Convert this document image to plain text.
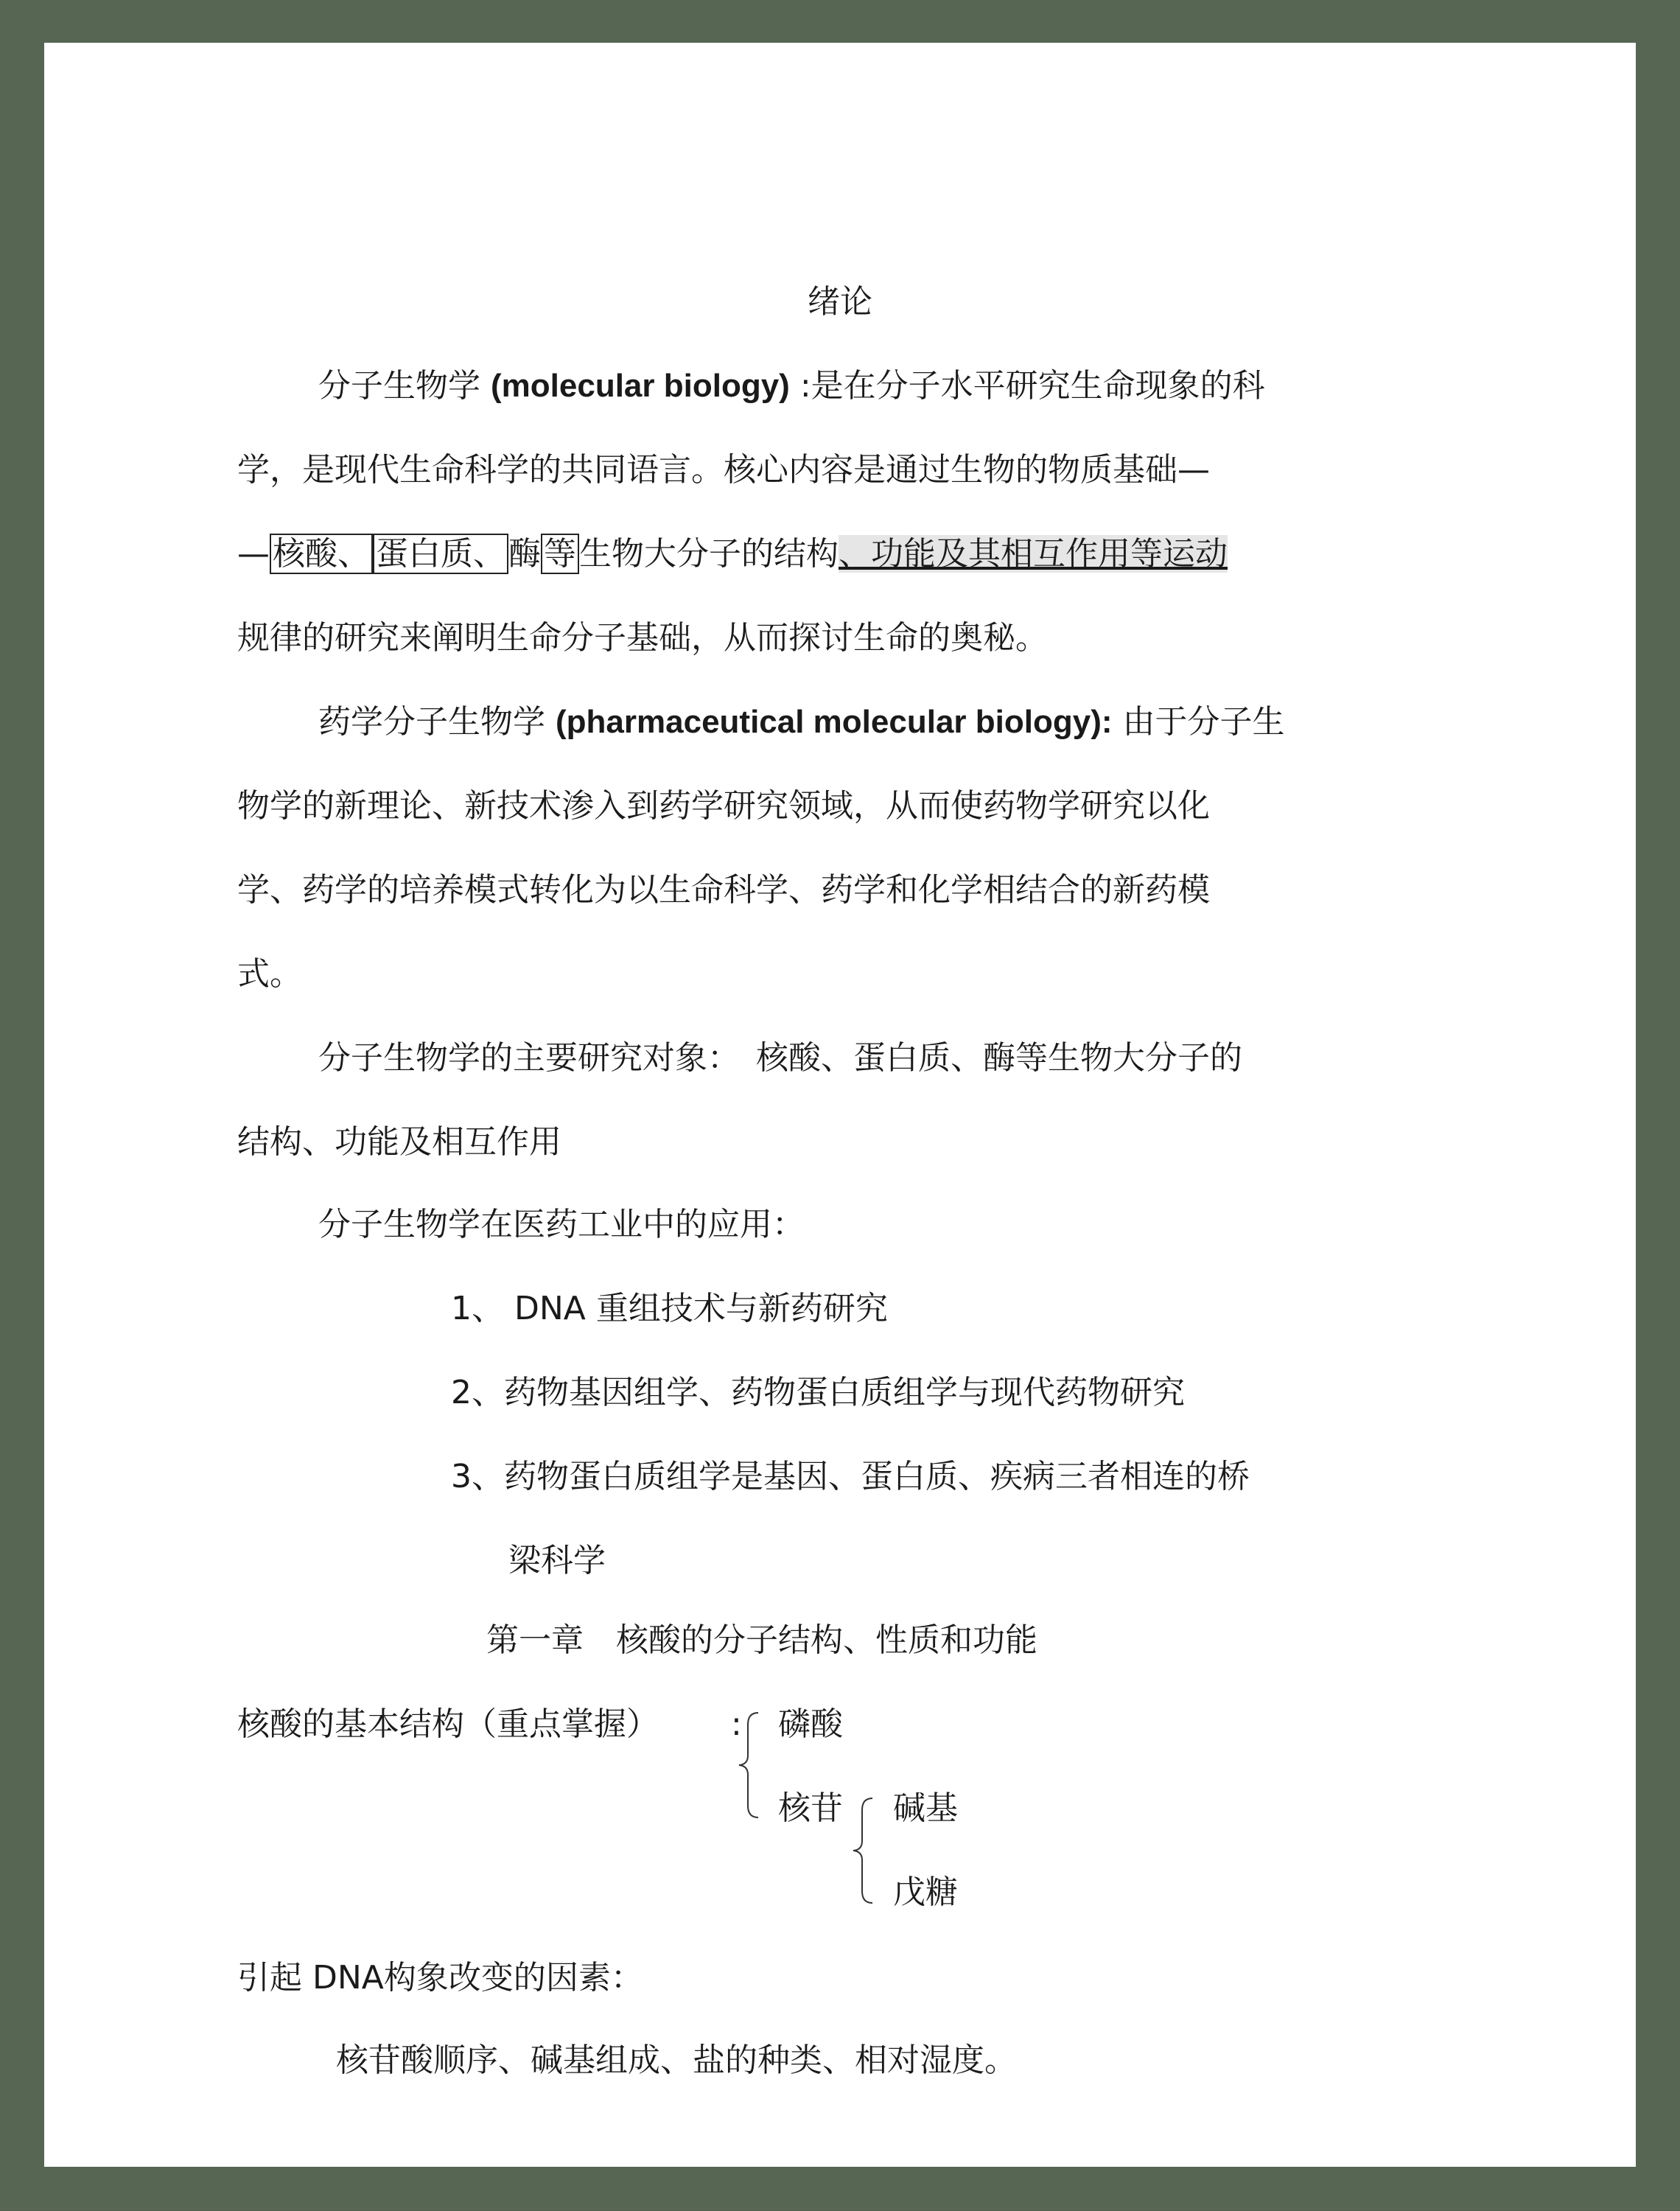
绪论
分子生物学 (molecular biology) :是在分子水平研究生命现象的科
学，是现代生命科学的共同语言。核心内容是通过生物的物质基础—
—核酸、 蛋白质、酶等生物大分子的结构、功能及其相互作用等运动
规律的研究来阐明生命分子基础，从而探讨生命的奥秘。
药学分子生物学 (pharmaceutical molecular biology): 由于分子生
物学的新理论、新技术渗入到药学研究领域，从而使药物学研究以化
学、药学的培养模式转化为以生命科学、药学和化学相结合的新药模
式。
分子生物学的主要研究对象：　核酸、蛋白质、酶等生物大分子的
结构、功能及相互作用
分子生物学在医药工业中的应用：
1、 DNA 重组技术与新药研究
2、药物基因组学、药物蛋白质组学与现代药物研究
3、药物蛋白质组学是基因、蛋白质、疾病三者相连的桥
梁科学
第一章　核酸的分子结构、性质和功能
核酸的基本结构（重点掌握） : 磷酸
核苷 碱基
戊糖
引起 DNA构象改变的因素：
核苷酸顺序、碱基组成、盐的种类、相对湿度。
知乎 @大学资料库
